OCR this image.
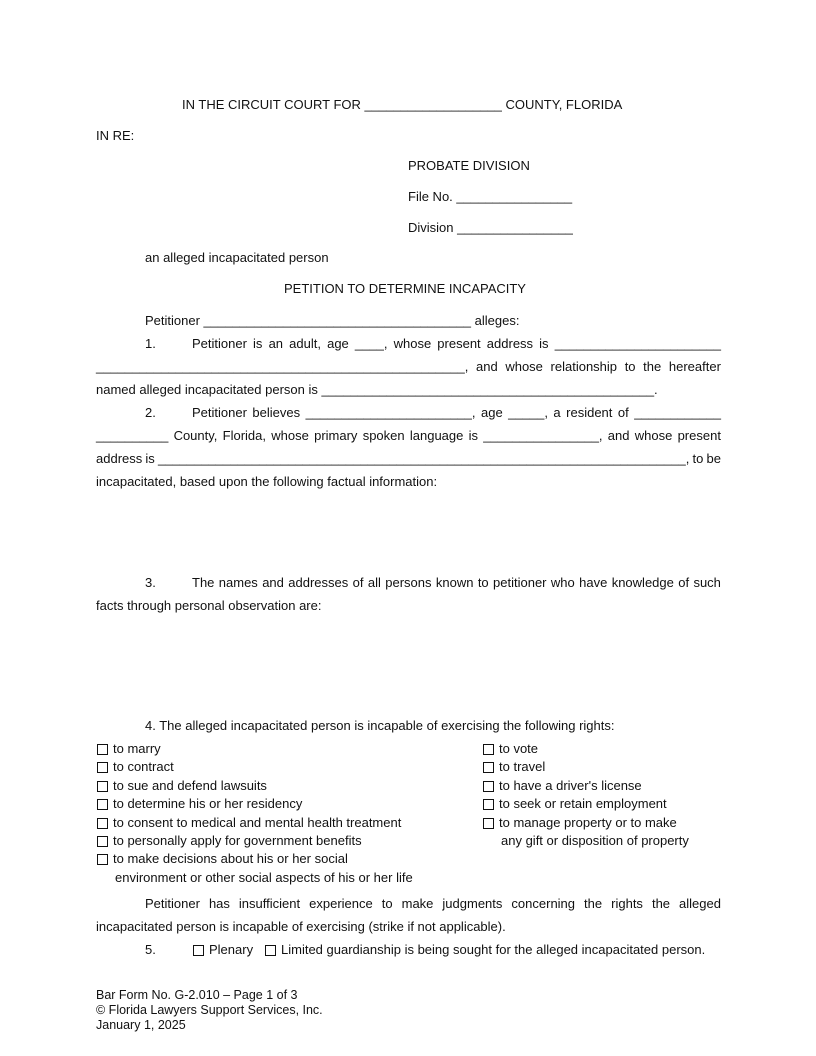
IN THE CIRCUIT COURT FOR ___________________ COUNTY, FLORIDA
IN RE:
PROBATE DIVISION
File No. ________________
Division ________________
an alleged incapacitated person
PETITION TO DETERMINE INCAPACITY
Petitioner _____________________________________ alleges:
1.	Petitioner is an adult, age ____, whose present address is _______________________
___________________________________________________, and whose relationship to the hereafter
named alleged incapacitated person is ______________________________________________.
2.	Petitioner believes _______________________, age _____, a resident of ____________
__________ County, Florida, whose primary spoken language is ________________, and whose present
address is _________________________________________________________________________, to be
incapacitated, based upon the following factual information:
3.	The names and addresses of all persons known to petitioner who have knowledge of such
facts through personal observation are:
4. The alleged incapacitated person is incapable of exercising the following rights:
to marry
to contract
to sue and defend lawsuits
to determine his or her residency
to consent to medical and mental health treatment
to personally apply for government benefits
to make decisions about his or her social
environment or other social aspects of his or her life
to vote
to travel
to have a driver's license
to seek or retain employment
to manage property or to make
any gift or disposition of property
Petitioner has insufficient experience to make judgments concerning the rights the alleged
incapacitated person is incapable of exercising (strike if not applicable).
5.	Plenary	Limited guardianship is being sought for the alleged incapacitated person.
Bar Form No. G-2.010 – Page 1 of 3
© Florida Lawyers Support Services, Inc.
January 1, 2025
